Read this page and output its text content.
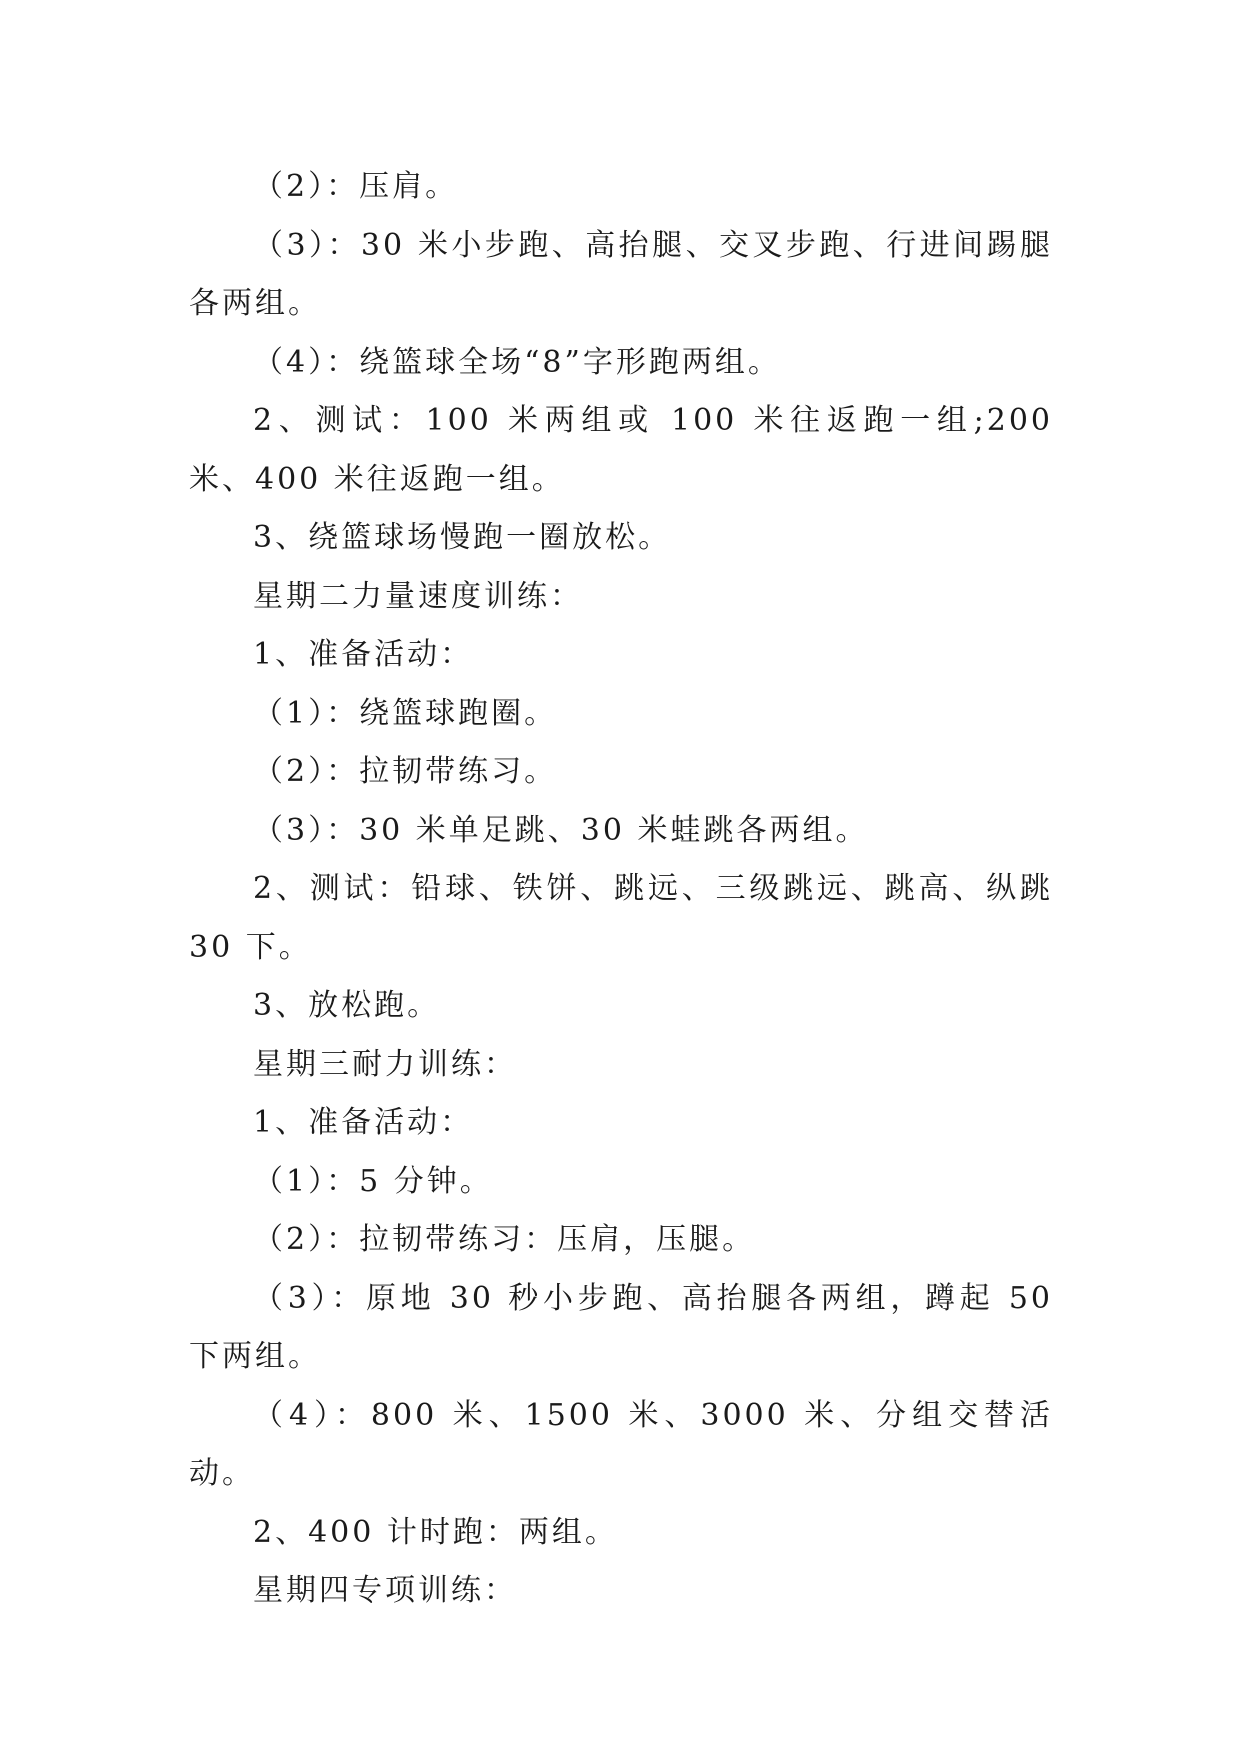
（2）：压肩。

（3）：30 米小步跑、高抬腿、交叉步跑、行进间踢腿各两组。

（4）：绕篮球全场“8”字形跑两组。

2、测试：100 米两组或 100 米往返跑一组;200 米、400 米往返跑一组。

3、绕篮球场慢跑一圈放松。

星期二力量速度训练：

1、准备活动：

（1）：绕篮球跑圈。

（2）：拉韧带练习。

（3）：30 米单足跳、30 米蛙跳各两组。

2、测试：铅球、铁饼、跳远、三级跳远、跳高、纵跳 30 下。

3、放松跑。

星期三耐力训练：

1、准备活动：

（1）：5 分钟。

（2）：拉韧带练习：压肩，压腿。

（3）：原地 30 秒小步跑、高抬腿各两组，蹲起 50 下两组。

（4）：800 米、1500 米、3000 米、分组交替活动。

2、400 计时跑：两组。

星期四专项训练：
